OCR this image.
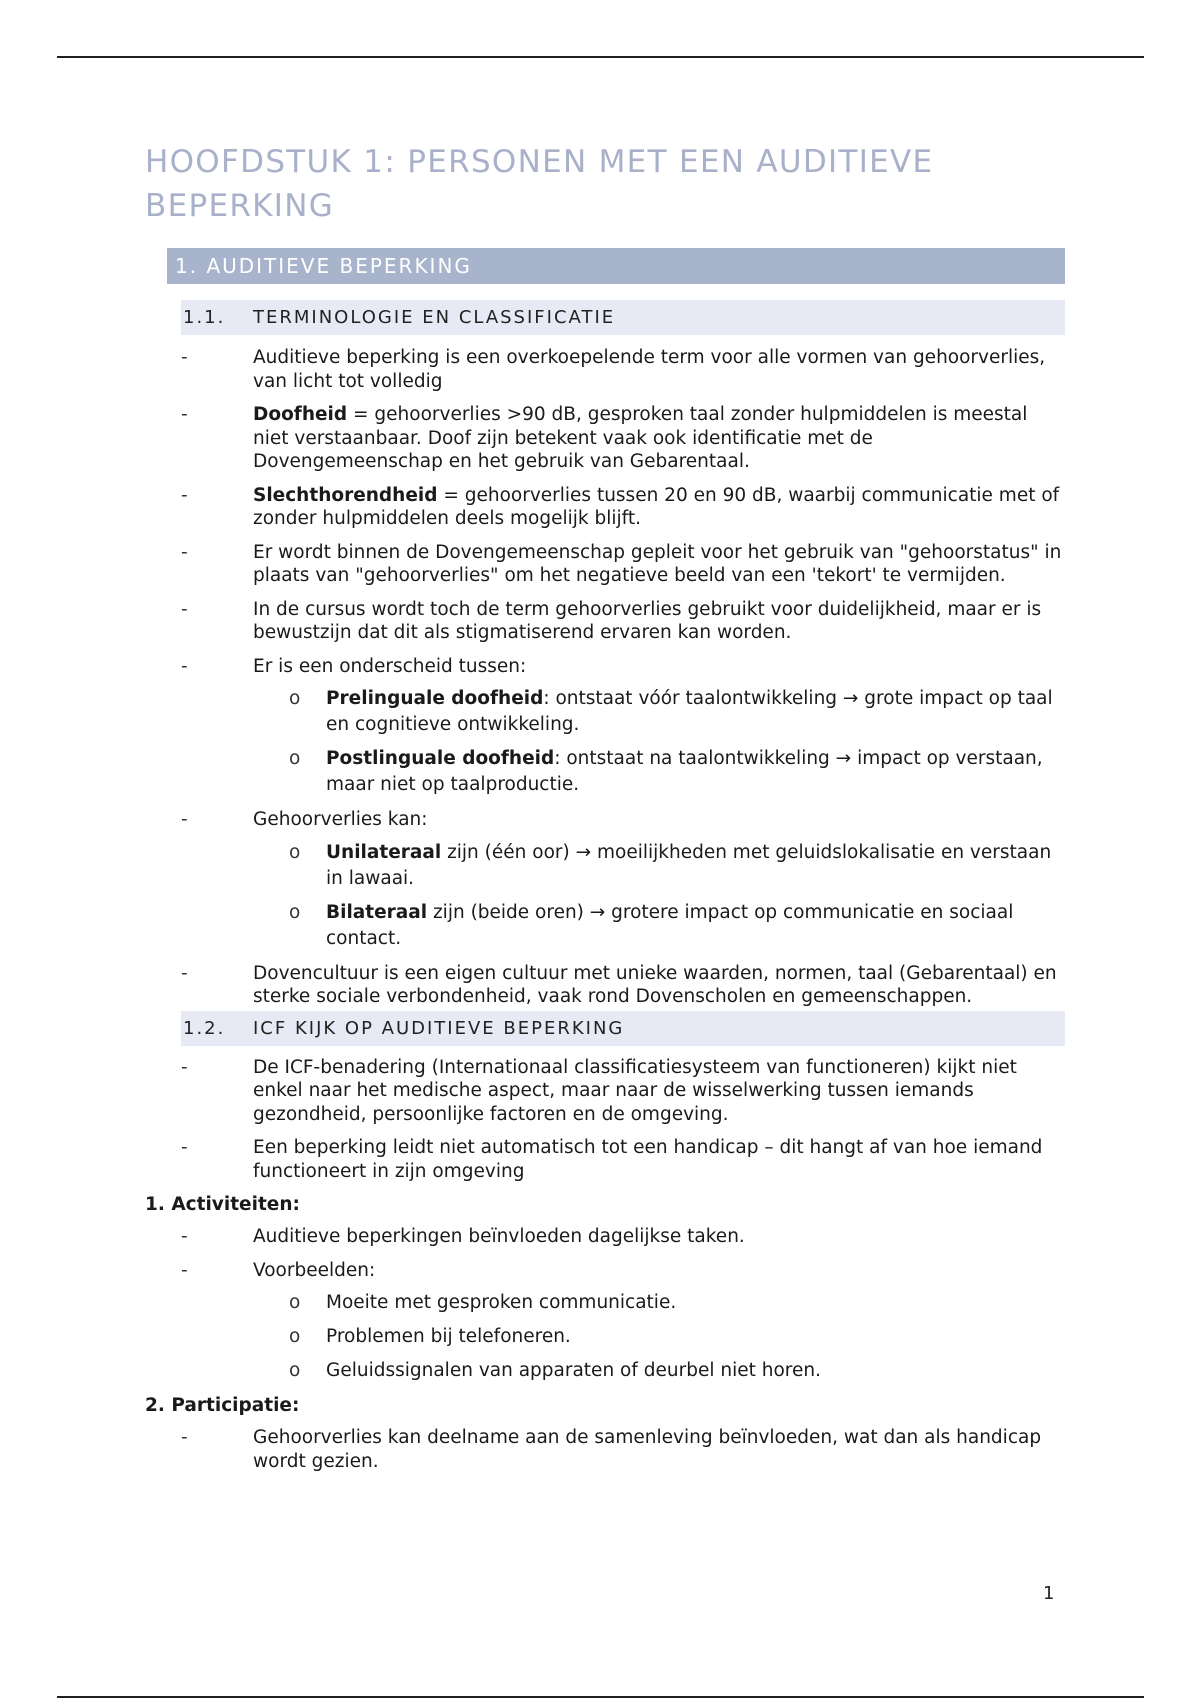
HOOFDSTUK 1: PERSONEN MET EEN AUDITIEVE BEPERKING
1. AUDITIEVE BEPERKING
1.1. TERMINOLOGIE EN CLASSIFICATIE
- Auditieve beperking is een overkoepelende term voor alle vormen van gehoorverlies, van licht tot volledig
- Doofheid = gehoorverlies >90 dB, gesproken taal zonder hulpmiddelen is meestal niet verstaanbaar. Doof zijn betekent vaak ook identificatie met de Dovengemeenschap en het gebruik van Gebarentaal.
- Slechthorendheid = gehoorverlies tussen 20 en 90 dB, waarbij communicatie met of zonder hulpmiddelen deels mogelijk blijft.
- Er wordt binnen de Dovengemeenschap gepleit voor het gebruik van "gehoorstatus" in plaats van "gehoorverlies" om het negatieve beeld van een 'tekort' te vermijden.
- In de cursus wordt toch de term gehoorverlies gebruikt voor duidelijkheid, maar er is bewustzijn dat dit als stigmatiserend ervaren kan worden.
- Er is een onderscheid tussen:
o Prelinguale doofheid: ontstaat vóór taalontwikkeling → grote impact op taal en cognitieve ontwikkeling.
o Postlinguale doofheid: ontstaat na taalontwikkeling → impact op verstaan, maar niet op taalproductie.
- Gehoorverlies kan:
o Unilateraal zijn (één oor) → moeilijkheden met geluidslokalisatie en verstaan in lawaai.
o Bilateraal zijn (beide oren) → grotere impact op communicatie en sociaal contact.
- Dovencultuur is een eigen cultuur met unieke waarden, normen, taal (Gebarentaal) en sterke sociale verbondenheid, vaak rond Dovenscholen en gemeenschappen.
1.2. ICF KIJK OP AUDITIEVE BEPERKING
- De ICF-benadering (Internationaal classificatiesysteem van functioneren) kijkt niet enkel naar het medische aspect, maar naar de wisselwerking tussen iemands gezondheid, persoonlijke factoren en de omgeving.
- Een beperking leidt niet automatisch tot een handicap – dit hangt af van hoe iemand functioneert in zijn omgeving
1. Activiteiten:
- Auditieve beperkingen beïnvloeden dagelijkse taken.
- Voorbeelden:
o Moeite met gesproken communicatie.
o Problemen bij telefoneren.
o Geluidssignalen van apparaten of deurbel niet horen.
2. Participatie:
- Gehoorverlies kan deelname aan de samenleving beïnvloeden, wat dan als handicap wordt gezien.
1
